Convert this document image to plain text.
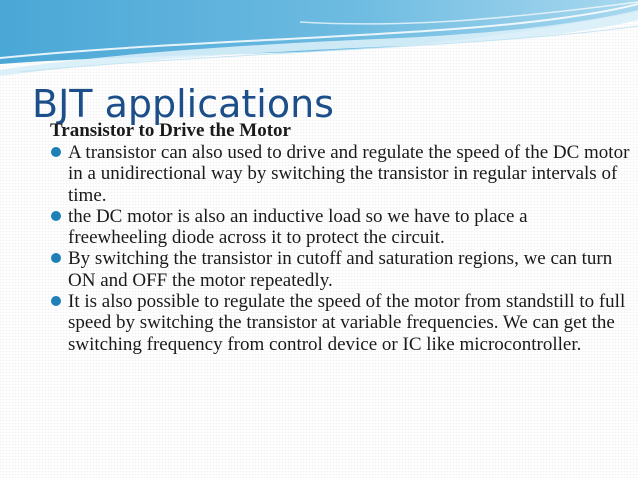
BJT applications
Transistor to Drive the Motor
A transistor can also used to drive and regulate the speed of the DC motor in a unidirectional way by switching the transistor in regular intervals of time.
the DC motor is also an inductive load so we have to place a freewheeling diode across it to protect the circuit.
By switching the transistor in cutoff and saturation regions, we can turn ON and OFF the motor repeatedly.
It is also possible to regulate the speed of the motor from standstill to full speed by switching the transistor at variable frequencies. We can get the switching frequency from control device or IC like microcontroller.
